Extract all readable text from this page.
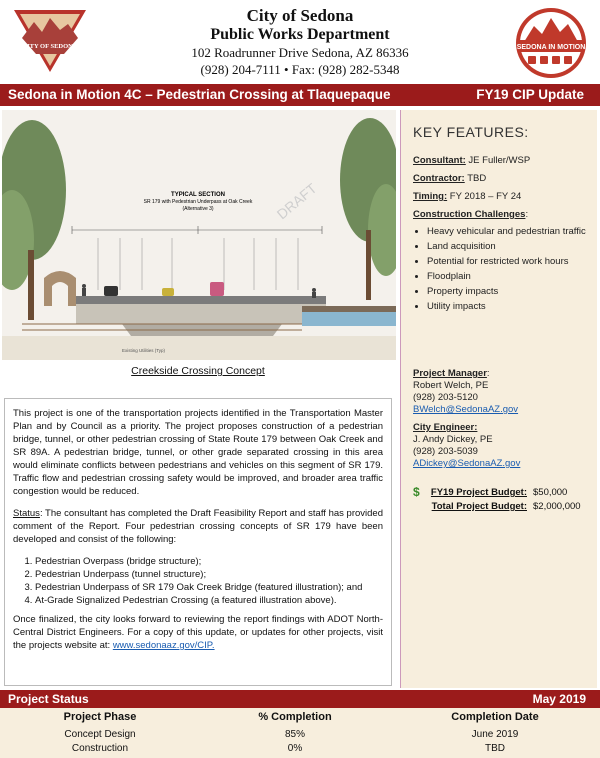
CITY OF SEDONA
City of Sedona
Public Works Department
102 Roadrunner Drive Sedona, AZ 86336
(928) 204-7111 • Fax: (928) 282-5348
SEDONA IN MOTION
Sedona in Motion 4C – Pedestrian Crossing at Tlaquepaque	FY19 CIP Update
TYPICAL SECTION
SR 179 with Pedestrian Underpass at Oak Creek
(Alternative 3)	DRAFT
Existing Utilities (Typ)
Creekside Crossing Concept
KEY FEATURES:
Consultant: JE Fuller/WSP
Contractor: TBD
Timing: FY 2018 – FY 24
Construction Challenges:
• Heavy vehicular and pedestrian traffic
• Land acquisition
• Potential for restricted work hours
• Floodplain
• Property impacts
• Utility impacts
Project Manager:
Robert Welch, PE
(928) 203-5120
BWelch@SedonaAZ.gov
City Engineer:
J. Andy Dickey, PE
(928) 203-5039
ADickey@SedonaAZ.gov
$	FY19 Project Budget: $50,000
Total Project Budget: $2,000,000

This project is one of the transportation projects identified in the Transportation Master Plan and by Council as a priority. The project proposes construction of a pedestrian bridge, tunnel, or other pedestrian crossing of State Route 179 between Oak Creek and SR 89A. A pedestrian bridge, tunnel, or other grade separated crossing in this area would eliminate conflicts between pedestrians and vehicles on this segment of SR 179. Traffic flow and pedestrian crossing safety would be improved, and broader area traffic congestion would be reduced.

Status: The consultant has completed the Draft Feasibility Report and staff has provided comment of the Report. Four pedestrian crossing concepts of SR 179 have been developed and consist of the following:

1. Pedestrian Overpass (bridge structure);
2. Pedestrian Underpass (tunnel structure);
3. Pedestrian Underpass of SR 179 Oak Creek Bridge (featured illustration); and
4. At-Grade Signalized Pedestrian Crossing (a featured illustration above).

Once finalized, the city looks forward to reviewing the report findings with ADOT North-Central District Engineers. For a copy of this update, or updates for other projects, visit the projects website at: www.sedonaaz.gov/CIP.

Project Status	May 2019
Project Phase	% Completion	Completion Date
Concept Design	85%	June 2019
Construction	0%	TBD
